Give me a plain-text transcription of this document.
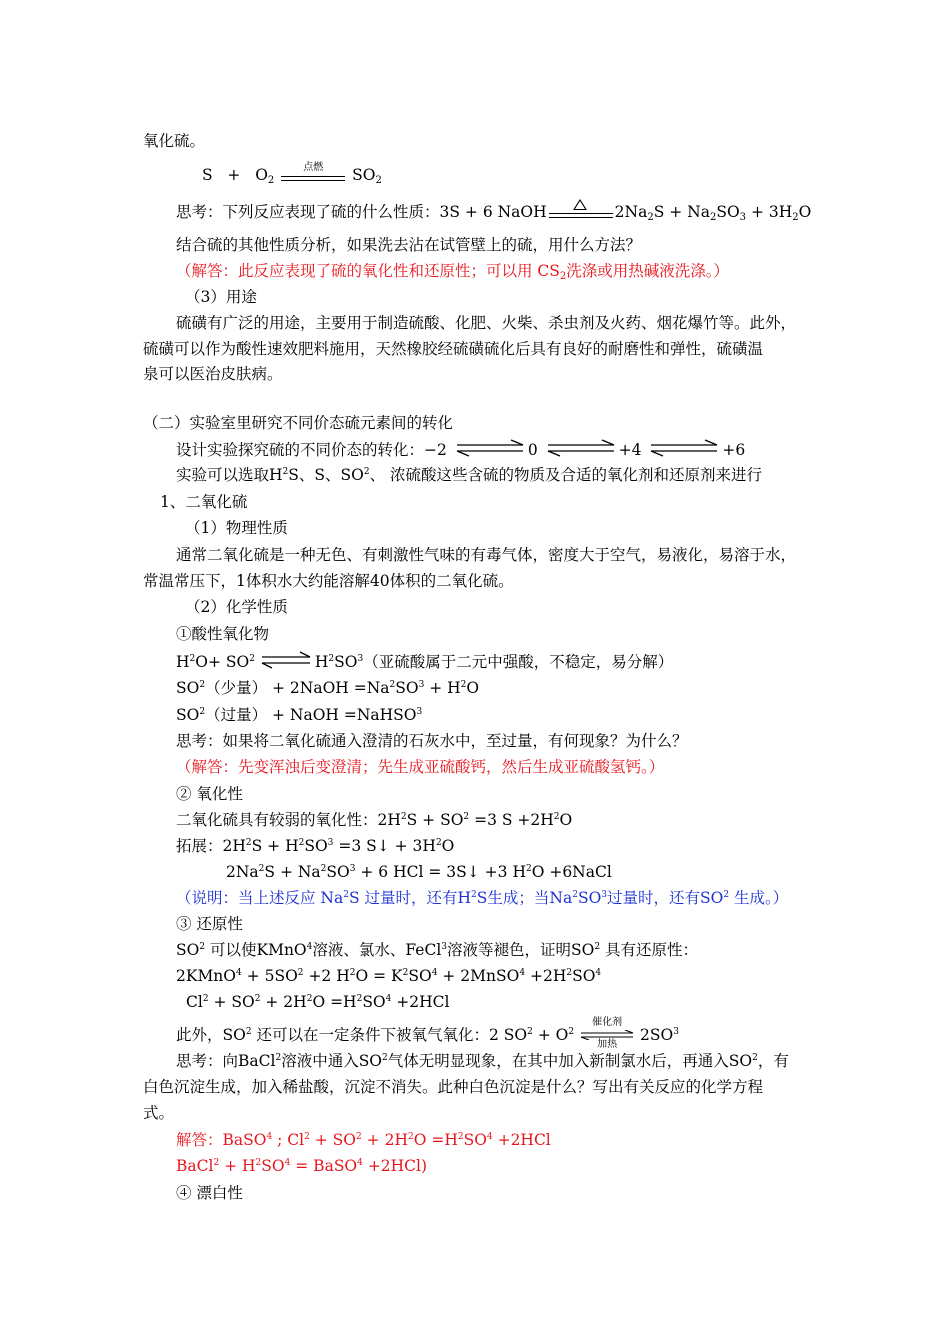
氧化硫。
$S + O_2$
点燃	$SO_2$
思考：下列反应表现了硫的什么性质：3S + 6 NaOH	$2Na_2S + Na_2SO_3 + 3H_2O$
结合硫的其他性质分析，如果洗去沾在试管壁上的硫，用什么方法？
（解答：此反应表现了硫的氧化性和还原性；可以用 $CS_2$洗涤或用热碱液洗涤。）
（3）用途
硫磺有广泛的用途，主要用于制造硫酸、化肥、火柴、杀虫剂及火药、烟花爆竹等。此外，
硫磺可以作为酸性速效肥料施用，天然橡胶经硫磺硫化后具有良好的耐磨性和弹性，硫磺温
泉可以医治皮肤病。
（二）实验室里研究不同价态硫元素间的转化
设计实验探究硫的不同价态的转化：−2	0	+4	+6
实验可以选取$H^2S$、S、$SO^2$、 浓硫酸这些含硫的物质及合适的氧化剂和还原剂来进行
1、二氧化硫
（1）物理性质
通常二氧化硫是一种无色、有刺激性气味的有毒气体，密度大于空气，易液化，易溶于水，
常温常压下，1体积水大约能溶解40体积的二氧化硫。
（2）化学性质
①酸性氧化物
$H^2O+ SO^2$ ⇌ $H^2SO^3$（亚硫酸属于二元中强酸，不稳定，易分解）
$SO^2$（少量） + 2NaOH $=Na^2SO^3 + H^2O$
$SO^2$（过量） + NaOH =NaHSO$^3$
思考：如果将二氧化硫通入澄清的石灰水中，至过量，有何现象？为什么？
（解答：先变浑浊后变澄清；先生成亚硫酸钙，然后生成亚硫酸氢钙。）
② 氧化性
二氧化硫具有较弱的氧化性：$2H^2S + SO^2 =3$ $S +2H^2O$
拓展：$2H^2S + H^2SO^3 =3$ S↓ + $3H^2O$
$2Na^2S + Na^2SO^3 + 6$ HCl = 3S↓ +3 $H^2O$ +6NaCl
（说明：当上述反应 Na$^2$S 过量时，还有$H^2S$生成；当$Na^2SO^3$过量时，还有$SO^2$ 生成。）
③ 还原性
$SO^2$ 可以使KMnO$^4$溶液、氯水、FeCl$^3$溶液等褪色，证明$SO^2$ 具有还原性：
2KMnO$^4$ + $5SO^2 +2$ $H^2O = K^2SO^4$ + 2MnSO$^4$ $+2H^2SO^4$
$Cl^2 + SO^2 + 2H^2O =H^2SO^4 +2HCl$
此外，$SO^2$ 还可以在一定条件下被氧气氧化：2 $SO^2 + O^2$
催化剂
加热
$2SO^3$
思考：向BaCl$^2$溶液中通入$SO^2$气体无明显现象，在其中加入新制氯水后，再通入$SO^2$，有
白色沉淀生成，加入稀盐酸，沉淀不消失。此种白色沉淀是什么？写出有关反应的化学方程
式。
解答：BaSO$^4$ ; $Cl^2 + SO^2 + 2H^2O =H^2SO^4 +2HCl$
BaCl$^2$ + $H^2SO^4$ = BaSO$^4$ +2HCl)
④ 漂白性
